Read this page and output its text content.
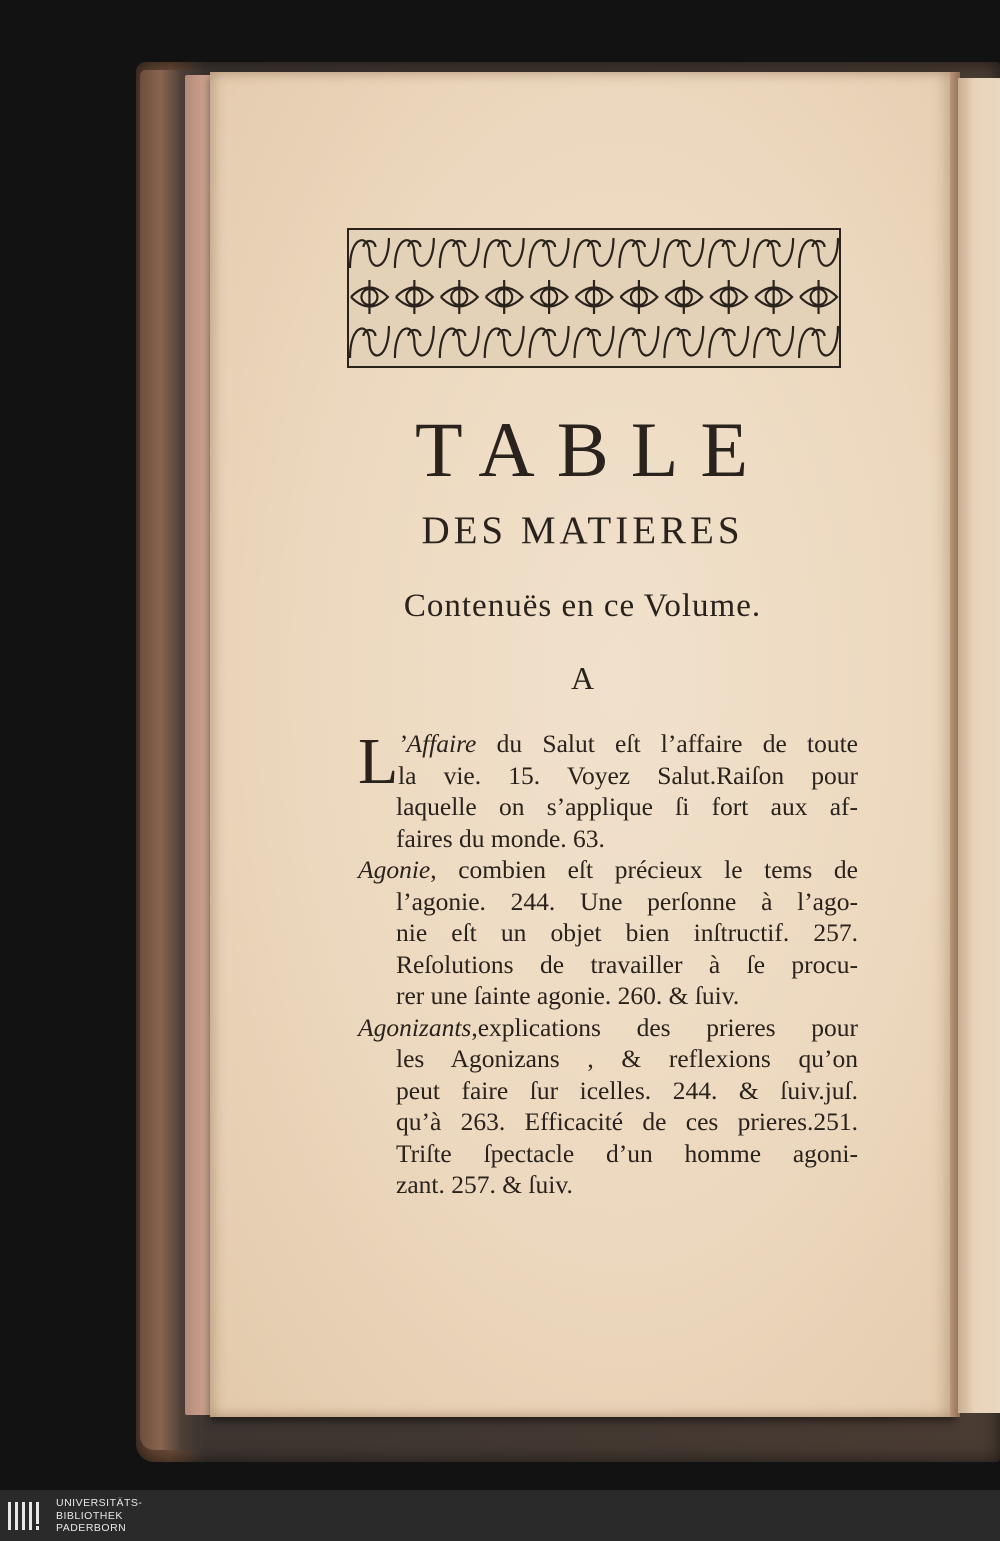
TABLE
DES MATIERES
Contenuës en ce Volume.
A
L ’Affaire du Salut eſt l’affaire de toute
la vie. 15. Voyez Salut.Raiſon pour
laquelle on s’applique ſi fort aux af-
faires du monde. 63.
Agonie, combien eſt précieux le tems de
l’agonie. 244. Une perſonne à l’ago-
nie eſt un objet bien inſtructif. 257.
Reſolutions de travailler à ſe procu-
rer une ſainte agonie. 260. & ſuiv.
Agonizants,explications des prieres pour
les Agonizans , & reflexions qu’on
peut faire ſur icelles. 244. & ſuiv.juſ.
qu’à 263. Efficacité de ces prieres.251.
Triſte ſpectacle d’un homme agoni-
zant. 257. & ſuiv.
UNIVERSITÄTS-
BIBLIOTHEK
PADERBORN
